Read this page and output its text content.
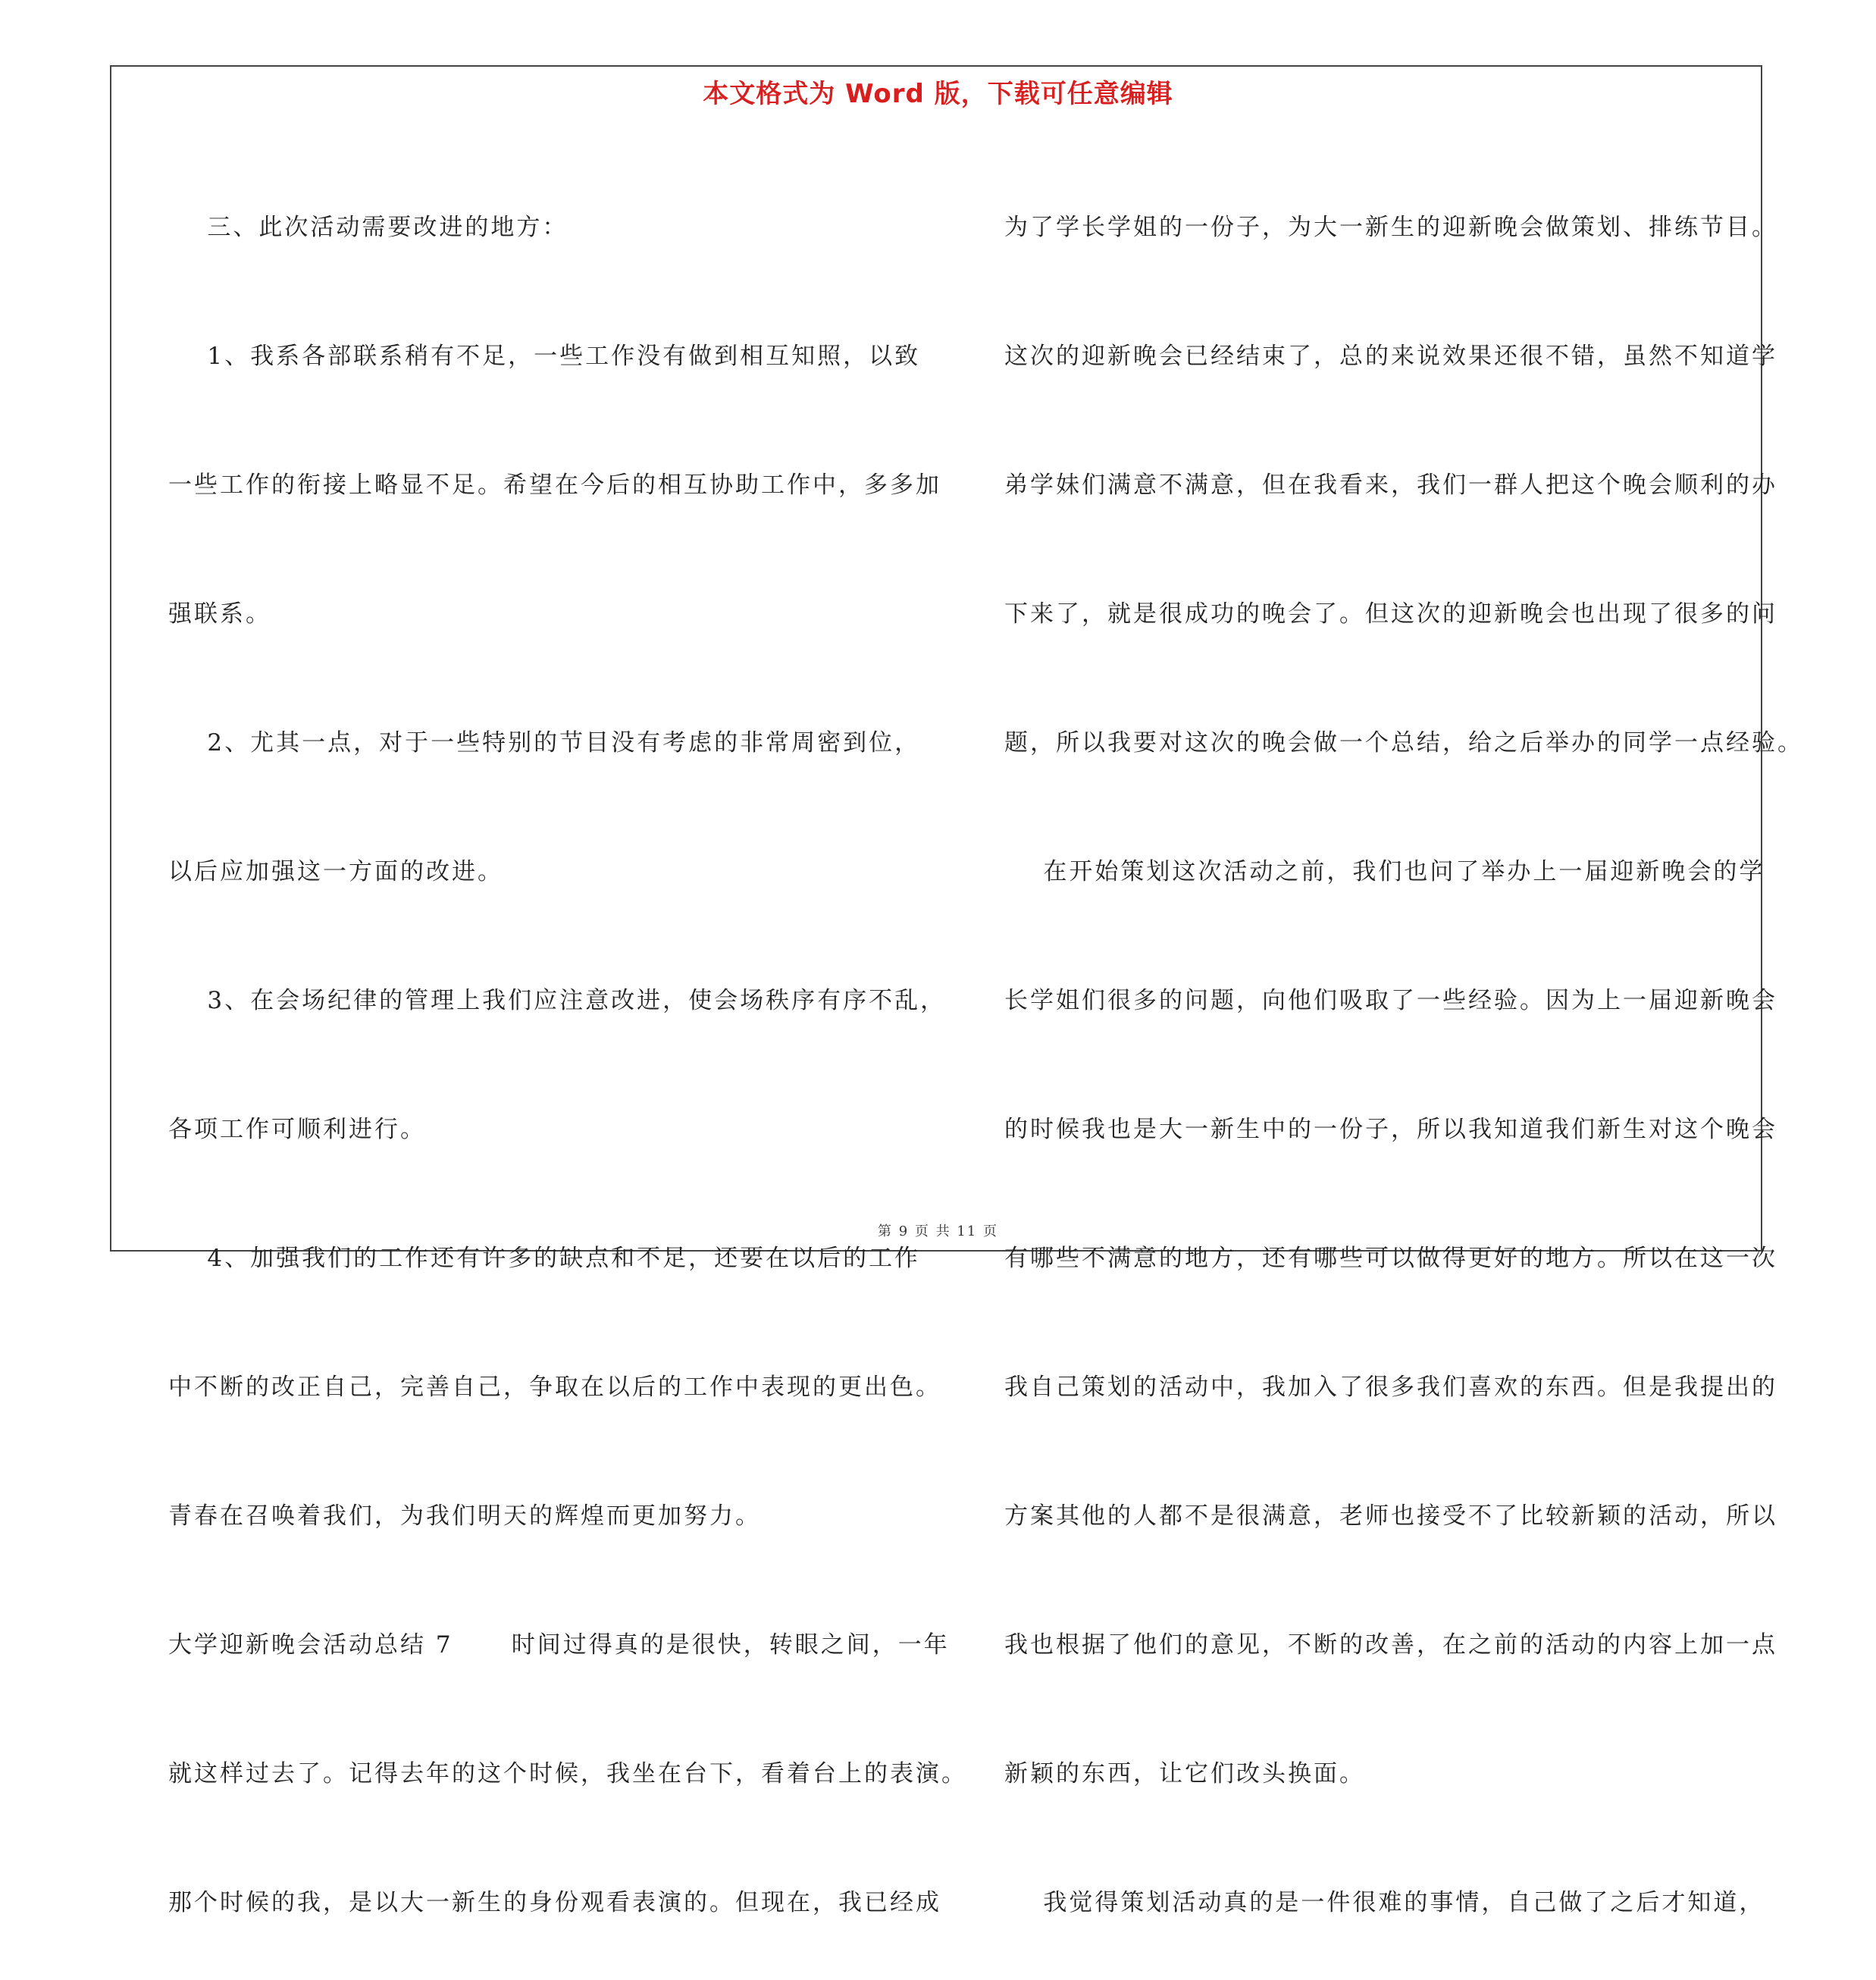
本文格式为 Word 版，下载可任意编辑

三、此次活动需要改进的地方：

1、我系各部联系稍有不足，一些工作没有做到相互知照，以致

一些工作的衔接上略显不足。希望在今后的相互协助工作中，多多加

强联系。

2、尤其一点，对于一些特别的节目没有考虑的非常周密到位，

以后应加强这一方面的改进。

3、在会场纪律的管理上我们应注意改进，使会场秩序有序不乱，

各项工作可顺利进行。

4、加强我们的工作还有许多的缺点和不足，还要在以后的工作

中不断的改正自己，完善自己，争取在以后的工作中表现的更出色。

青春在召唤着我们，为我们明天的辉煌而更加努力。

大学迎新晚会活动总结 7      时间过得真的是很快，转眼之间，一年

就这样过去了。记得去年的这个时候，我坐在台下，看着台上的表演。

那个时候的我，是以大一新生的身份观看表演的。但现在，我已经成

为了学长学姐的一份子，为大一新生的迎新晚会做策划、排练节目。

这次的迎新晚会已经结束了，总的来说效果还很不错，虽然不知道学

弟学妹们满意不满意，但在我看来，我们一群人把这个晚会顺利的办

下来了，就是很成功的晚会了。但这次的迎新晚会也出现了很多的问

题，所以我要对这次的晚会做一个总结，给之后举办的同学一点经验。

在开始策划这次活动之前，我们也问了举办上一届迎新晚会的学

长学姐们很多的问题，向他们吸取了一些经验。因为上一届迎新晚会

的时候我也是大一新生中的一份子，所以我知道我们新生对这个晚会

有哪些不满意的地方，还有哪些可以做得更好的地方。所以在这一次

我自己策划的活动中，我加入了很多我们喜欢的东西。但是我提出的

方案其他的人都不是很满意，老师也接受不了比较新颖的活动，所以

我也根据了他们的意见，不断的改善，在之前的活动的内容上加一点

新颖的东西，让它们改头换面。

我觉得策划活动真的是一件很难的事情，自己做了之后才知道，

第 9 页 共 11 页
